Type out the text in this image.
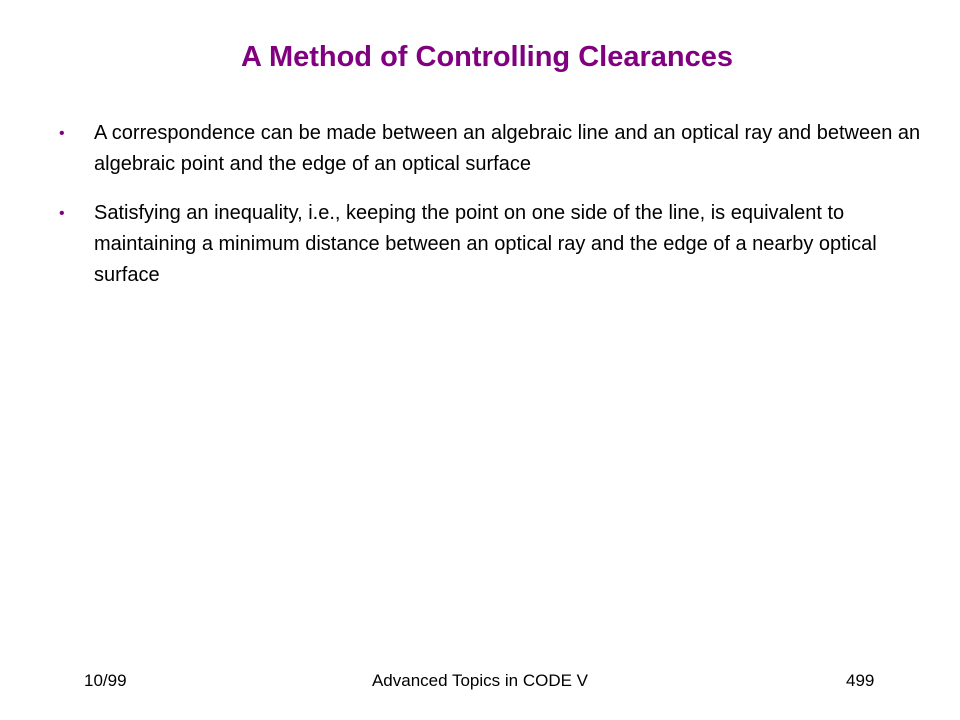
A Method of Controlling Clearances
• A correspondence can be made between an algebraic line and an optical ray and between an algebraic point and the edge of an optical surface
• Satisfying an inequality, i.e., keeping the point on one side of the line, is equivalent to maintaining a minimum distance between an optical ray and the edge of a nearby optical surface
10/99	Advanced Topics in CODE V	499
